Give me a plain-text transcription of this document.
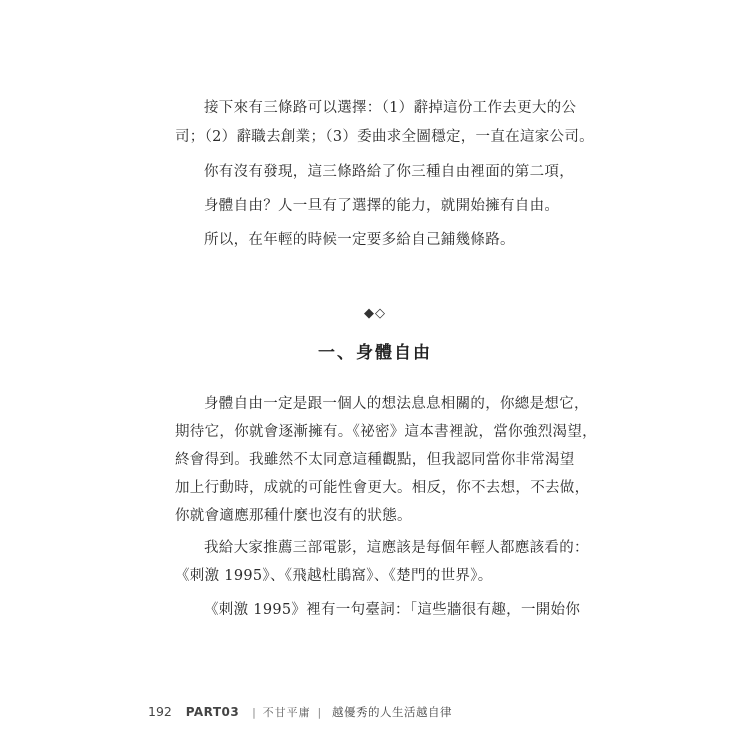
接下來有三條路可以選擇：（1）辭掉這份工作去更大的公
司；（2）辭職去創業；（3）委曲求全圖穩定，一直在這家公司。

你有沒有發現，這三條路給了你三種自由裡面的第二項，

身體自由？人一旦有了選擇的能力，就開始擁有自由。

所以，在年輕的時候一定要多給自己鋪幾條路。

◆◇
一、身體自由

身體自由一定是跟一個人的想法息息相關的，你總是想它，
期待它，你就會逐漸擁有。《祕密》這本書裡說，當你強烈渴望，
終會得到。我雖然不太同意這種觀點，但我認同當你非常渴望
加上行動時，成就的可能性會更大。相反，你不去想，不去做，
你就會適應那種什麼也沒有的狀態。

我給大家推薦三部電影，這應該是每個年輕人都應該看的：
《刺激 1995》、《飛越杜鵑窩》、《楚門的世界》。

《刺激 1995》裡有一句臺詞：「這些牆很有趣，一開始你

192 PART03 | 不甘平庸 | 越優秀的人生活越自律
